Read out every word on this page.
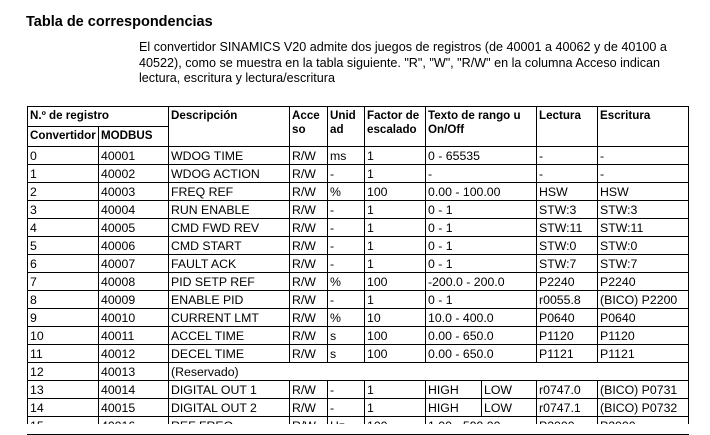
Tabla de correspondencias
El convertidor SINAMICS V20 admite dos juegos de registros (de 40001 a 40062 y de 40100 a 40522), como se muestra en la tabla siguiente. "R", "W", "R/W" en la columna Acceso indican lectura, escritura y lectura/escritura
N.º de registro		Descripción	Acce so	Unid ad	Factor de escalado	Texto de rango u On/Off		Lectura	Escritura
Convertidor	MODBUS								
0	40001	WDOG TIME	R/W	ms	1	0 - 65535		-	-
1	40002	WDOG ACTION	R/W	-	1	-		-	-
2	40003	FREQ REF	R/W	%	100	0.00 - 100.00		HSW	HSW
3	40004	RUN ENABLE	R/W	-	1	0 - 1		STW:3	STW:3
4	40005	CMD FWD REV	R/W	-	1	0 - 1		STW:11	STW:11
5	40006	CMD START	R/W	-	1	0 - 1		STW:0	STW:0
6	40007	FAULT ACK	R/W	-	1	0 - 1		STW:7	STW:7
7	40008	PID SETP REF	R/W	%	100	-200.0 - 200.0		P2240	P2240
8	40009	ENABLE PID	R/W	-	1	0 - 1		r0055.8	(BICO) P2200
9	40010	CURRENT LMT	R/W	%	10	10.0 - 400.0		P0640	P0640
10	40011	ACCEL TIME	R/W	s	100	0.00 - 650.0		P1120	P1120
11	40012	DECEL TIME	R/W	s	100	0.00 - 650.0		P1121	P1121
12	40013	(Reservado)							
13	40014	DIGITAL OUT 1	R/W	-	1	HIGH	LOW	r0747.0	(BICO) P0731
14	40015	DIGITAL OUT 2	R/W	-	1	HIGH	LOW	r0747.1	(BICO) P0732
